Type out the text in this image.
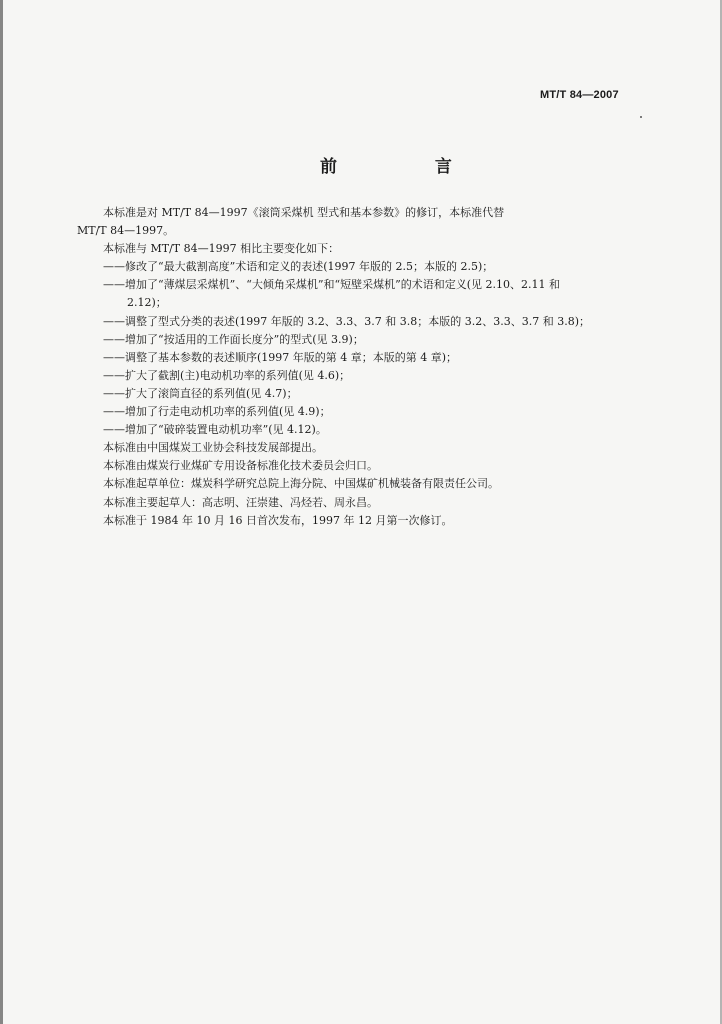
MT/T 84—2007
前 言
本标准是对 MT/T 84—1997《滚筒采煤机 型式和基本参数》的修订，本标准代替
MT/T 84—1997。
本标准与 MT/T 84—1997 相比主要变化如下：
——修改了“最大截割高度”术语和定义的表述(1997 年版的 2.5；本版的 2.5)；
——增加了“薄煤层采煤机”、“大倾角采煤机”和“短壁采煤机”的术语和定义(见 2.10、2.11 和
2.12)；
——调整了型式分类的表述(1997 年版的 3.2、3.3、3.7 和 3.8；本版的 3.2、3.3、3.7 和 3.8)；
——增加了“按适用的工作面长度分”的型式(见 3.9)；
——调整了基本参数的表述顺序(1997 年版的第 4 章；本版的第 4 章)；
——扩大了截割(主)电动机功率的系列值(见 4.6)；
——扩大了滚筒直径的系列值(见 4.7)；
——增加了行走电动机功率的系列值(见 4.9)；
——增加了“破碎装置电动机功率”(见 4.12)。
本标准由中国煤炭工业协会科技发展部提出。
本标准由煤炭行业煤矿专用设备标准化技术委员会归口。
本标准起草单位：煤炭科学研究总院上海分院、中国煤矿机械装备有限责任公司。
本标准主要起草人：高志明、汪崇建、冯烃若、周永昌。
本标准于 1984 年 10 月 16 日首次发布，1997 年 12 月第一次修订。
